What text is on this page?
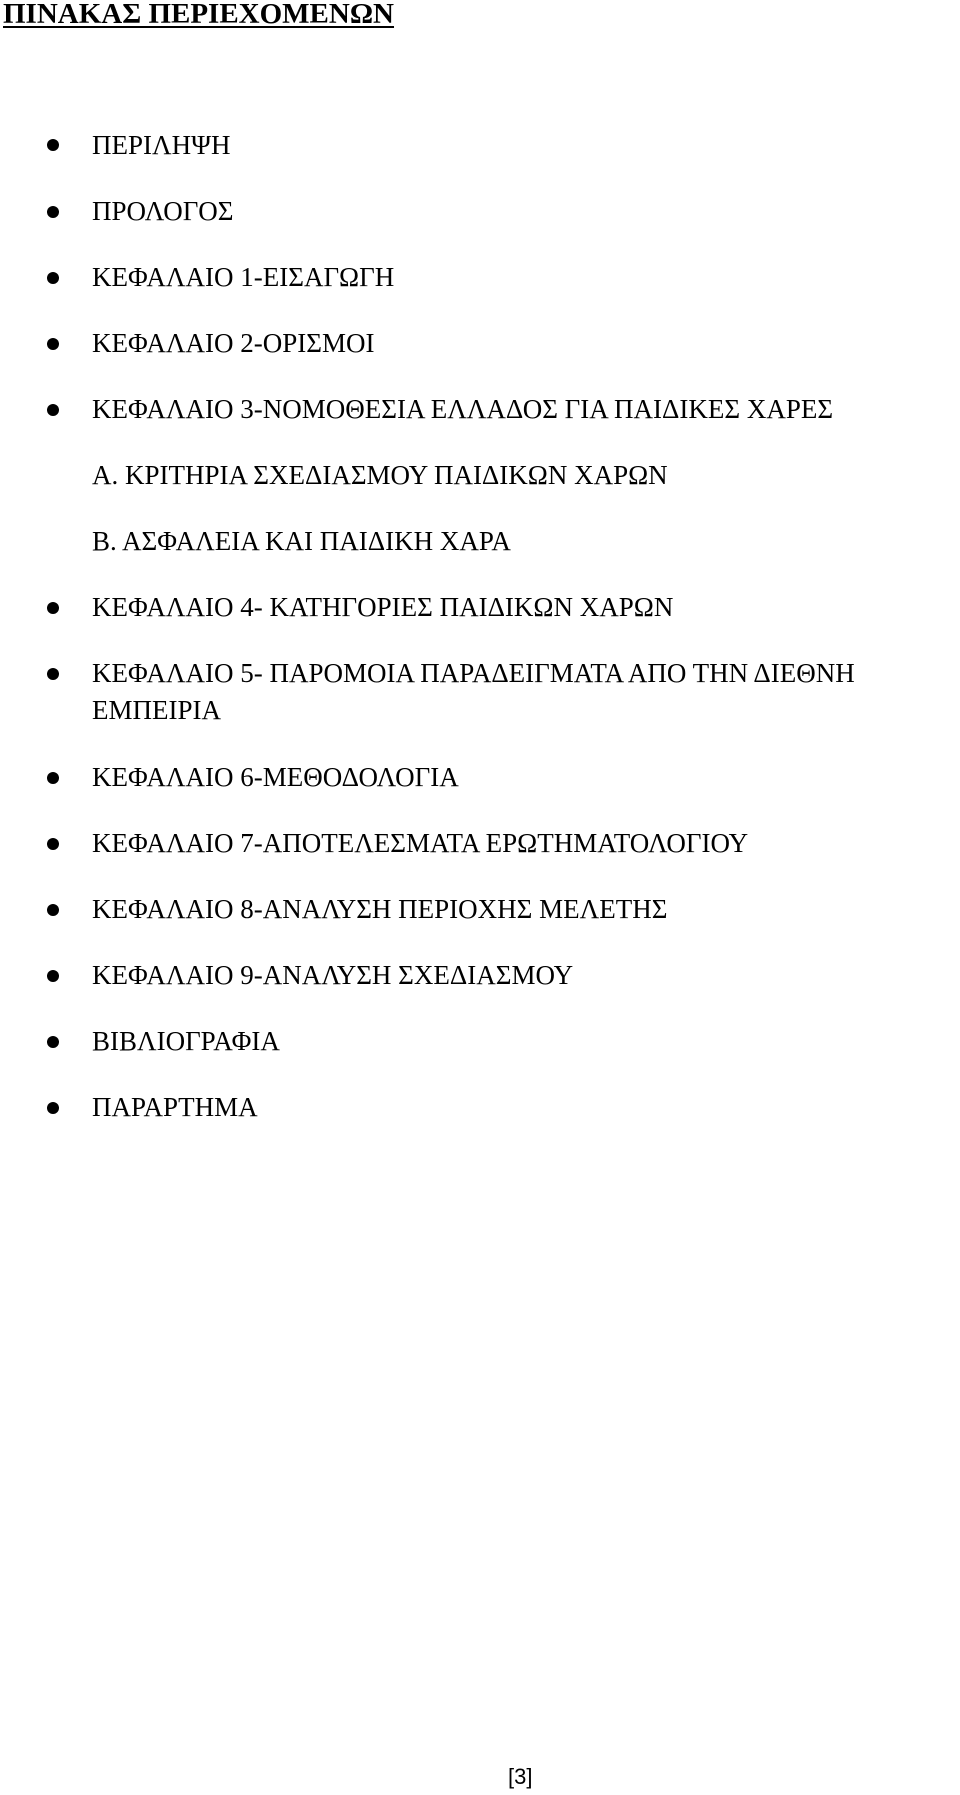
ΠΙΝΑΚΑΣ ΠΕΡΙΕΧΟΜΕΝΩΝ
ΠΕΡΙΛΗΨΗ
ΠΡΟΛΟΓΟΣ
ΚΕΦΑΛΑΙΟ 1-ΕΙΣΑΓΩΓΗ
ΚΕΦΑΛΑΙΟ 2-ΟΡΙΣΜΟΙ
ΚΕΦΑΛΑΙΟ 3-ΝΟΜΟΘΕΣΙΑ ΕΛΛΑΔΟΣ ΓΙΑ ΠΑΙΔΙΚΕΣ ΧΑΡΕΣ
Α. ΚΡΙΤΗΡΙΑ ΣΧΕΔΙΑΣΜΟΥ ΠΑΙΔΙΚΩΝ ΧΑΡΩΝ
Β. ΑΣΦΑΛΕΙΑ ΚΑΙ ΠΑΙΔΙΚΗ ΧΑΡΑ
ΚΕΦΑΛΑΙΟ 4- ΚΑΤΗΓΟΡΙΕΣ ΠΑΙΔΙΚΩΝ ΧΑΡΩΝ
ΚΕΦΑΛΑΙΟ 5- ΠΑΡΟΜΟΙΑ ΠΑΡΑΔΕΙΓΜΑΤΑ ΑΠΟ ΤΗΝ ΔΙΕΘΝΗ
ΕΜΠΕΙΡΙΑ
ΚΕΦΑΛΑΙΟ 6-ΜΕΘΟΔΟΛΟΓΙΑ
ΚΕΦΑΛΑΙΟ 7-ΑΠΟΤΕΛΕΣΜΑΤΑ ΕΡΩΤΗΜΑΤΟΛΟΓΙΟΥ
ΚΕΦΑΛΑΙΟ 8-ΑΝΑΛΥΣΗ ΠΕΡΙΟΧΗΣ ΜΕΛΕΤΗΣ
ΚΕΦΑΛΑΙΟ 9-ΑΝΑΛΥΣΗ ΣΧΕΔΙΑΣΜΟΥ
ΒΙΒΛΙΟΓΡΑΦΙΑ
ΠΑΡΑΡΤΗΜΑ
[3]
